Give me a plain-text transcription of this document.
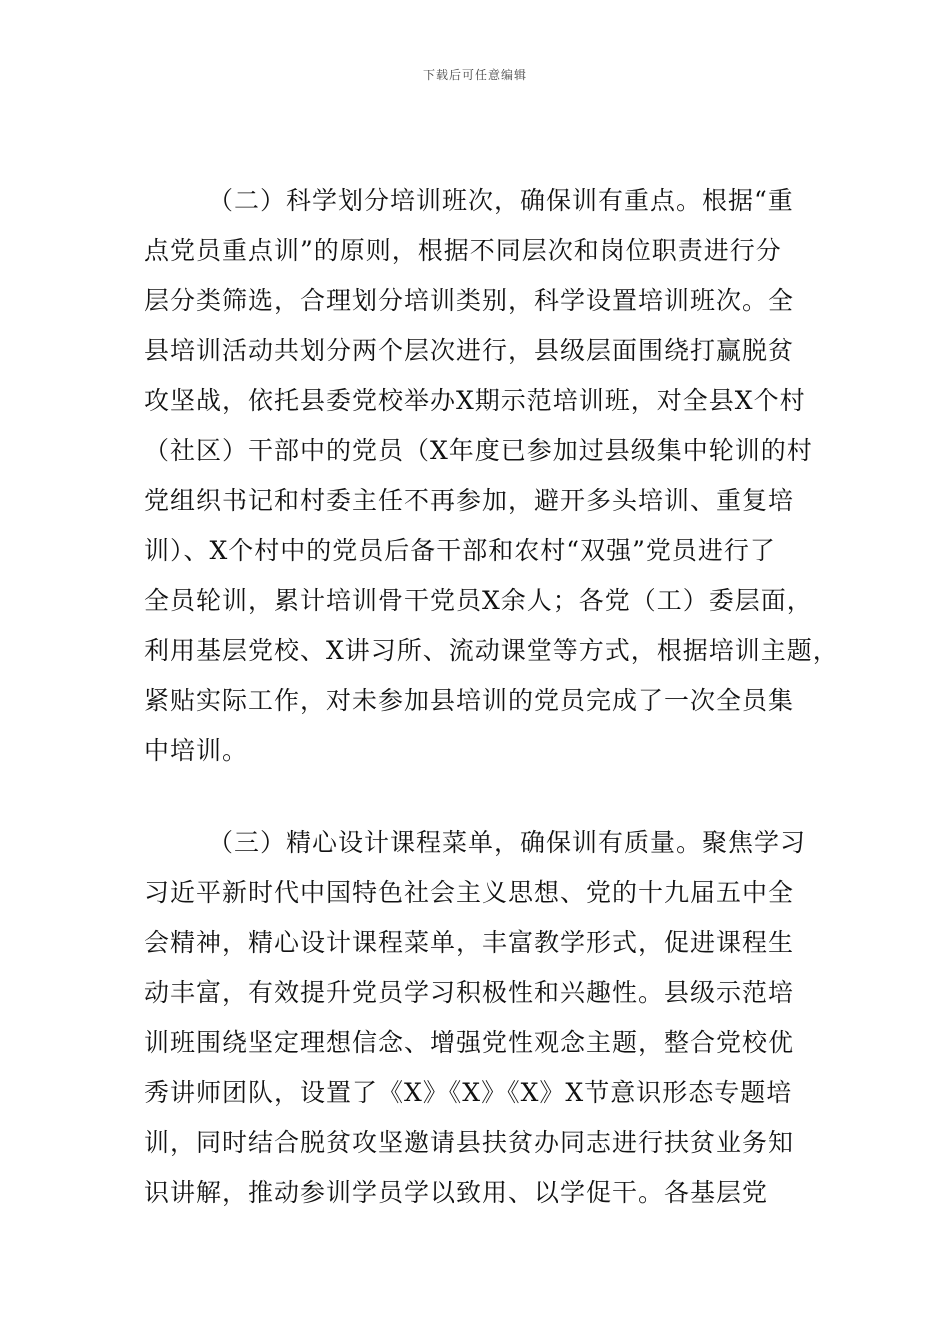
下载后可任意编辑
（二）科学划分培训班次，确保训有重点。根据“重
点党员重点训”的原则，根据不同层次和岗位职责进行分
层分类筛选，合理划分培训类别，科学设置培训班次。全
县培训活动共划分两个层次进行，县级层面围绕打赢脱贫
攻坚战，依托县委党校举办X期示范培训班，对全县X个村
（社区）干部中的党员（X年度已参加过县级集中轮训的村
党组织书记和村委主任不再参加，避开多头培训、重复培
训）、X个村中的党员后备干部和农村“双强”党员进行了
全员轮训，累计培训骨干党员X余人；各党（工）委层面，
利用基层党校、X讲习所、流动课堂等方式，根据培训主题，
紧贴实际工作，对未参加县培训的党员完成了一次全员集
中培训。
（三）精心设计课程菜单，确保训有质量。聚焦学习
习近平新时代中国特色社会主义思想、党的十九届五中全
会精神，精心设计课程菜单，丰富教学形式，促进课程生
动丰富，有效提升党员学习积极性和兴趣性。县级示范培
训班围绕坚定理想信念、增强党性观念主题，整合党校优
秀讲师团队，设置了《X》《X》《X》X节意识形态专题培
训，同时结合脱贫攻坚邀请县扶贫办同志进行扶贫业务知
识讲解，推动参训学员学以致用、以学促干。各基层党
